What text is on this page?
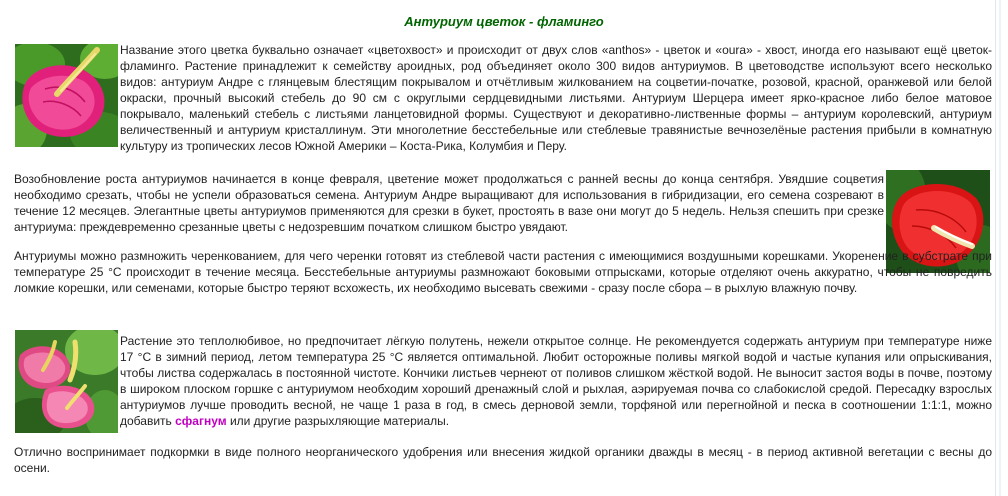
Антуриум цветок - фламинго

Название этого цветка буквально означает «цветохвост» и происходит от двух слов «anthos» - цветок и «oura» - хвост, иногда его называют ещё цветок-фламинго. Растение принадлежит к семейству ароидных, род объединяет около 300 видов антуриумов. В цветоводстве используют всего несколько видов: антуриум Андре с глянцевым блестящим покрывалом и отчётливым жилкованием на соцветии-початке, розовой, красной, оранжевой или белой окраски, прочный высокий стебель до 90 см с округлыми сердцевидными листьями. Антуриум Шерцера имеет ярко-красное либо белое матовое покрывало, маленький стебель с листьями ланцетовидной формы. Существуют и декоративно-лиственные формы – антуриум королевский, антуриум величественный и антуриум кристаллинум. Эти многолетние бесстебельные или стеблевые травянистые вечнозелёные растения прибыли в комнатную культуру из тропических лесов Южной Америки – Коста-Рика, Колумбия и Перу.

Возобновление роста антуриумов начинается в конце февраля, цветение может продолжаться с ранней весны до конца сентября. Увядшие соцветия необходимо срезать, чтобы не успели образоваться семена. Антуриум Андре выращивают для использования в гибридизации, его семена созревают в течение 12 месяцев. Элегантные цветы антуриумов применяются для срезки в букет, простоять в вазе они могут до 5 недель. Нельзя спешить при срезке антуриума: преждевременно срезанные цветы с недозревшим початком слишком быстро увядают.

Антуриумы можно размножить черенкованием, для чего черенки готовят из стеблевой части растения с имеющимися воздушными корешками. Укоренение в субстрате при температуре 25 °С происходит в течение месяца. Бесстебельные антуриумы размножают боковыми отпрысками, которые отделяют очень аккуратно, чтобы не повредить ломкие корешки, или семенами, которые быстро теряют всхожесть, их необходимо высевать свежими - сразу после сбора – в рыхлую влажную почву.

Растение это теплолюбивое, но предпочитает лёгкую полутень, нежели открытое солнце. Не рекомендуется содержать антуриум при температуре ниже 17 °С в зимний период, летом температура 25 °С является оптимальной. Любит осторожные поливы мягкой водой и частые купания или опрыскивания, чтобы листва содержалась в постоянной чистоте. Кончики листьев чернеют от поливов слишком жёсткой водой. Не выносит застоя воды в почве, поэтому в широком плоском горшке с антуриумом необходим хороший дренажный слой и рыхлая, аэрируемая почва со слабокислой средой. Пересадку взрослых антуриумов лучше проводить весной, не чаще 1 раза в год, в смесь дерновой земли, торфяной или перегнойной и песка в соотношении 1:1:1, можно добавить сфагнум или другие разрыхляющие материалы.

Отлично воспринимает подкормки в виде полного неорганического удобрения или внесения жидкой органики дважды в месяц - в период активной вегетации с весны до осени.
